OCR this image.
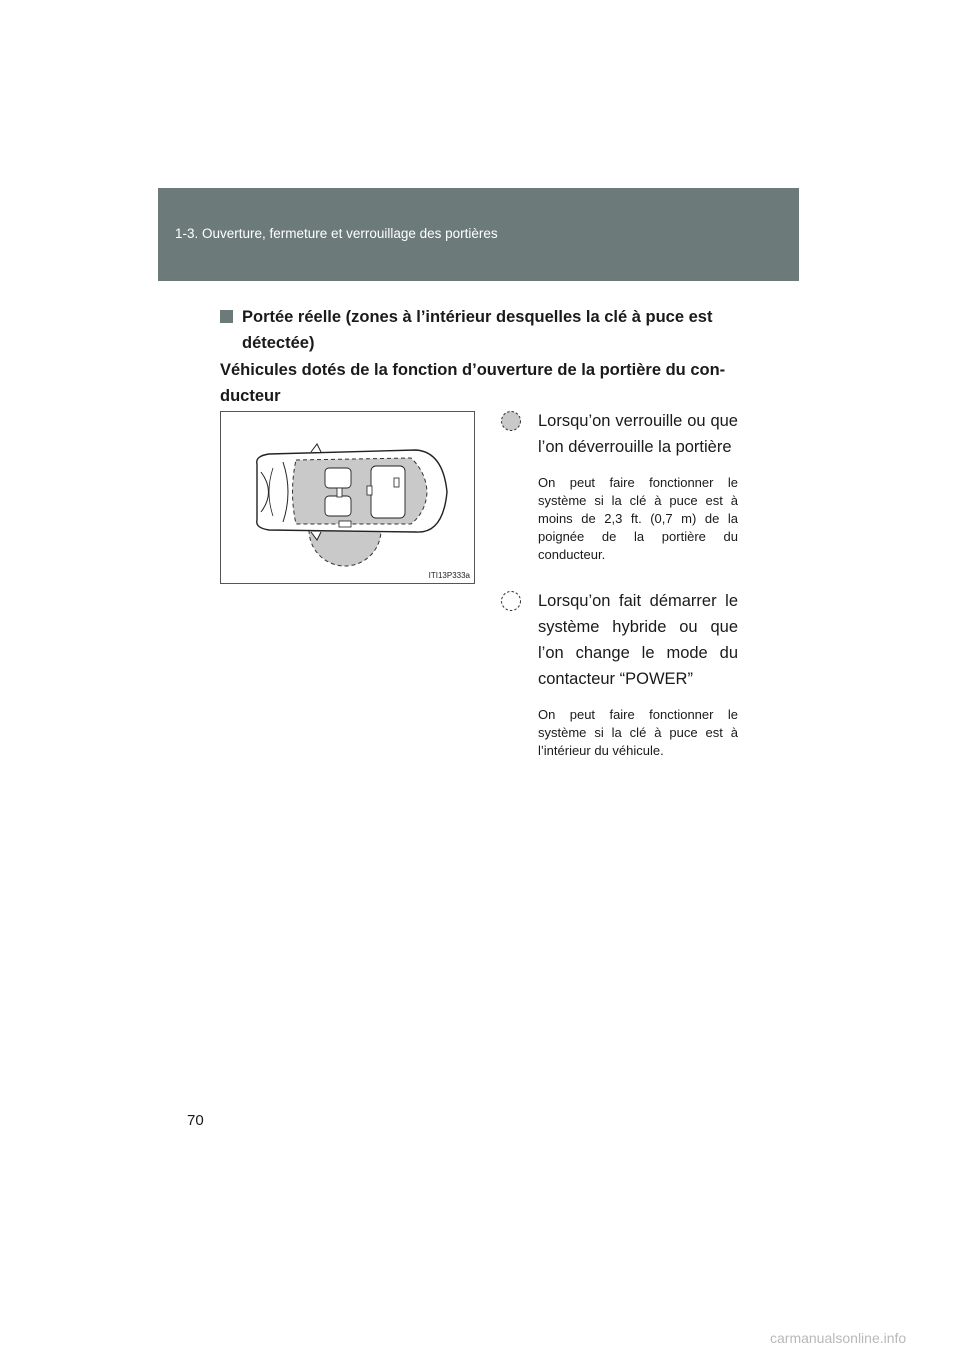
1-3. Ouverture, fermeture et verrouillage des portières
Portée réelle (zones à l’intérieur desquelles la clé à puce est
détectée)
Véhicules dotés de la fonction d’ouverture de la portière du con-
ducteur
ITI13P333a
Lorsqu’on verrouille ou que l’on déverrouille la portière
On peut faire fonctionner le système si la clé à puce est à moins de 2,3 ft. (0,7 m) de la poignée de la portière du conducteur.
Lorsqu’on fait démarrer le système hybride ou que l’on change le mode du contacteur “POWER”
On peut faire fonctionner le système si la clé à puce est à l’intérieur du véhicule.
70
carmanualsonline.info
